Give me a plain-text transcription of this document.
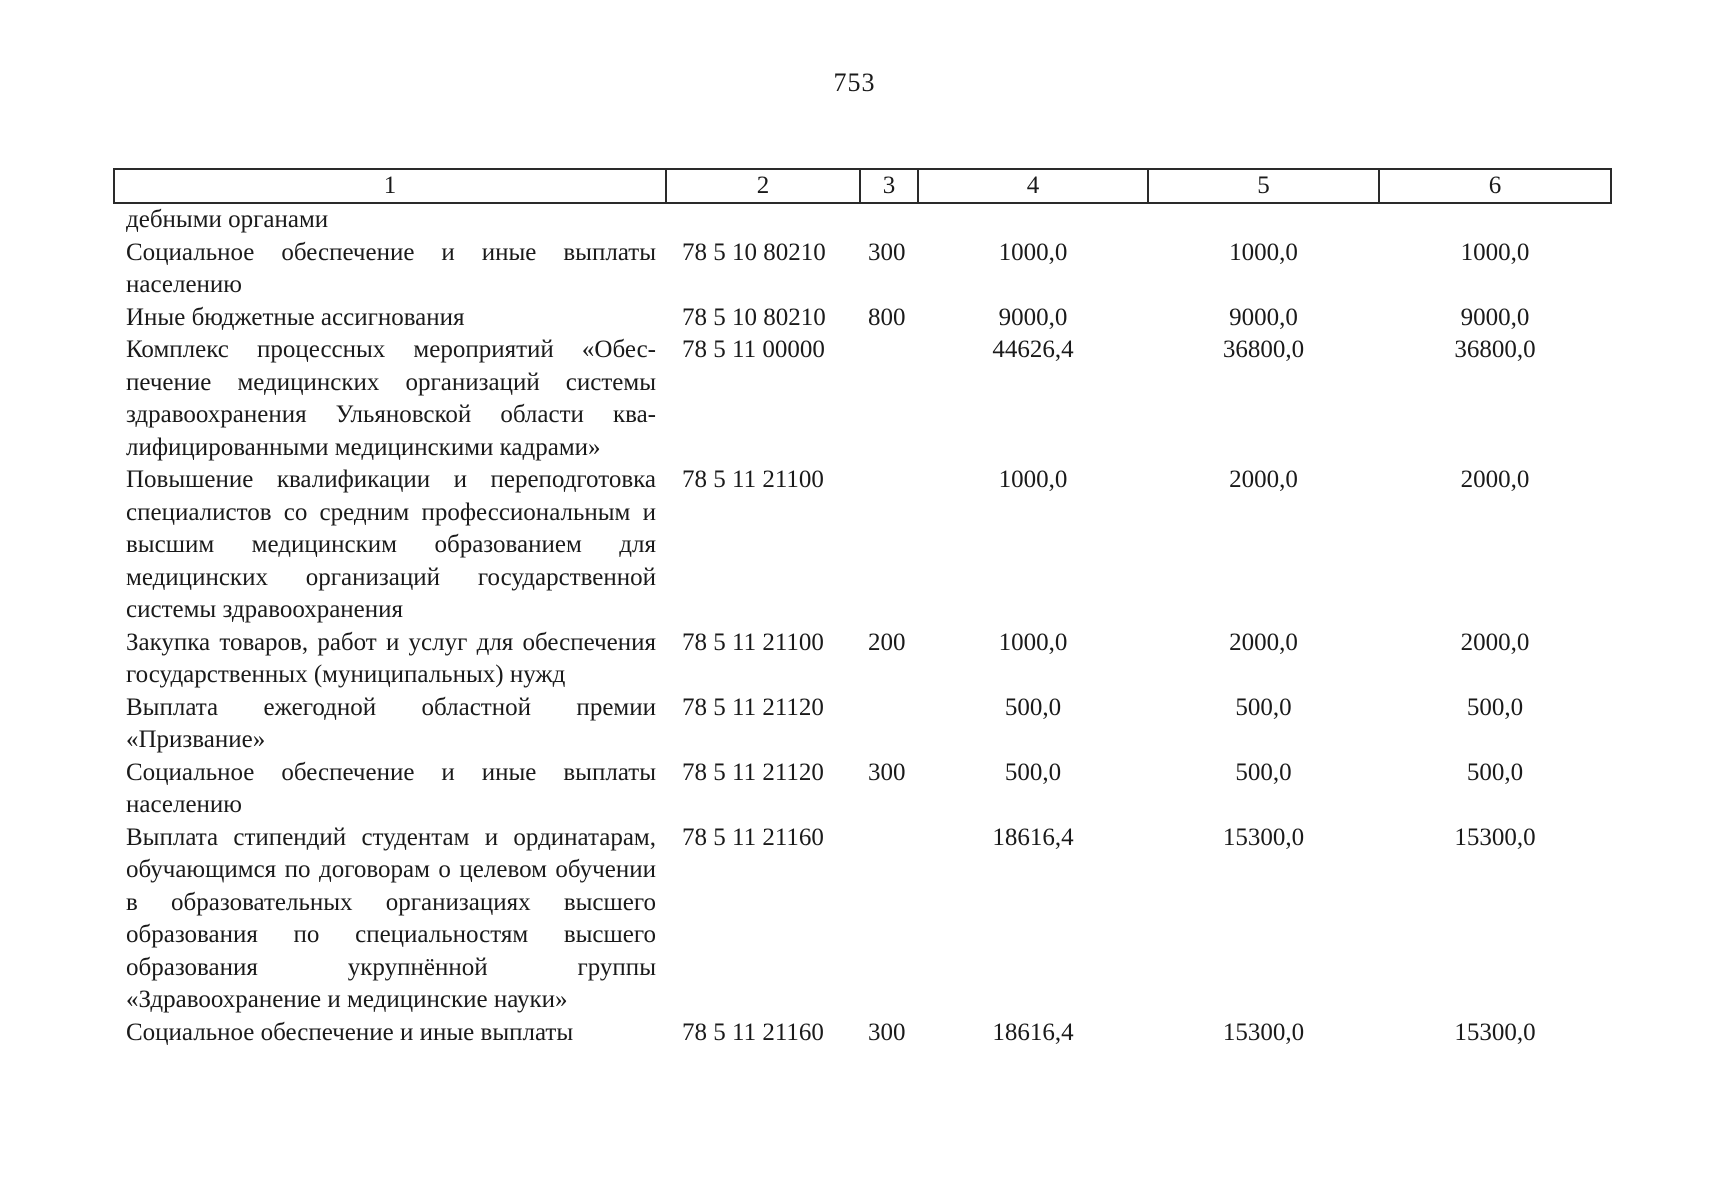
753
1	2	3	4	5	6
дебными органами					
Социальное обеспечение и иные выплаты населению	78 5 10 80210	300	1000,0	1000,0	1000,0
Иные бюджетные ассигнования	78 5 10 80210	800	9000,0	9000,0	9000,0
Комплекс процессных мероприятий «Обеспечение медицинских организаций системы здравоохранения Ульяновской области квалифицированными медицинскими кадрами»	78 5 11 00000		44626,4	36800,0	36800,0
Повышение квалификации и переподготовка специалистов со средним профессиональным и высшим медицинским образованием для медицинских организаций государственной системы здравоохранения	78 5 11 21100		1000,0	2000,0	2000,0
Закупка товаров, работ и услуг для обеспечения государственных (муниципальных) нужд	78 5 11 21100	200	1000,0	2000,0	2000,0
Выплата ежегодной областной премии «Призвание»	78 5 11 21120		500,0	500,0	500,0
Социальное обеспечение и иные выплаты населению	78 5 11 21120	300	500,0	500,0	500,0
Выплата стипендий студентам и ординатарам, обучающимся по договорам о целевом обучении в образовательных организациях высшего образования по специальностям высшего образования укрупнённой группы «Здравоохранение и медицинские науки»	78 5 11 21160		18616,4	15300,0	15300,0
Социальное обеспечение и иные выплаты	78 5 11 21160	300	18616,4	15300,0	15300,0
